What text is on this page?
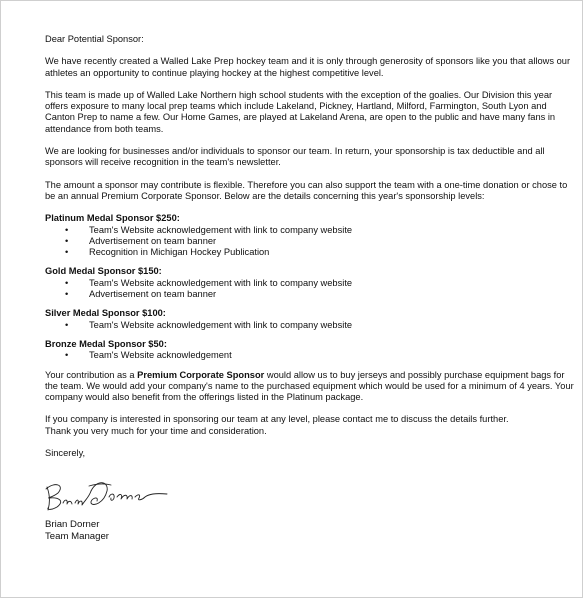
Dear Potential Sponsor:

We have recently created a Walled Lake Prep hockey team and it is only through generosity of sponsors like you that allows our athletes an opportunity to continue playing hockey at the highest competitive level.

This team is made up of Walled Lake Northern high school students with the exception of the goalies. Our Division this year offers exposure to many local prep teams which include Lakeland, Pickney, Hartland, Milford, Farmington, South Lyon and Canton Prep to name a few. Our Home Games, are played at Lakeland Arena, are open to the public and have many fans in attendance from both teams.

We are looking for businesses and/or individuals to sponsor our team. In return, your sponsorship is tax deductible and all sponsors will receive recognition in the team's newsletter.

The amount a sponsor may contribute is flexible. Therefore you can also support the team with a one-time donation or chose to be an annual Premium Corporate Sponsor. Below are the details concerning this year's sponsorship levels:

Platinum Medal Sponsor $250:

• Team's Website acknowledgement with link to company website
• Advertisement on team banner
• Recognition in Michigan Hockey Publication

Gold Medal Sponsor $150:

• Team's Website acknowledgement with link to company website
• Advertisement on team banner

Silver Medal Sponsor $100:

• Team's Website acknowledgement with link to company website

Bronze Medal Sponsor $50:

• Team's Website acknowledgement

Your contribution as a Premium Corporate Sponsor would allow us to buy jerseys and possibly purchase equipment bags for the team. We would add your company's name to the purchased equipment which would be used for a minimum of 4 years. Your company would also benefit from the offerings listed in the Platinum package.

If you company is interested in sponsoring our team at any level, please contact me to discuss the details further.
Thank you very much for your time and consideration.

Sincerely,

Brian Dorner

Team Manager
